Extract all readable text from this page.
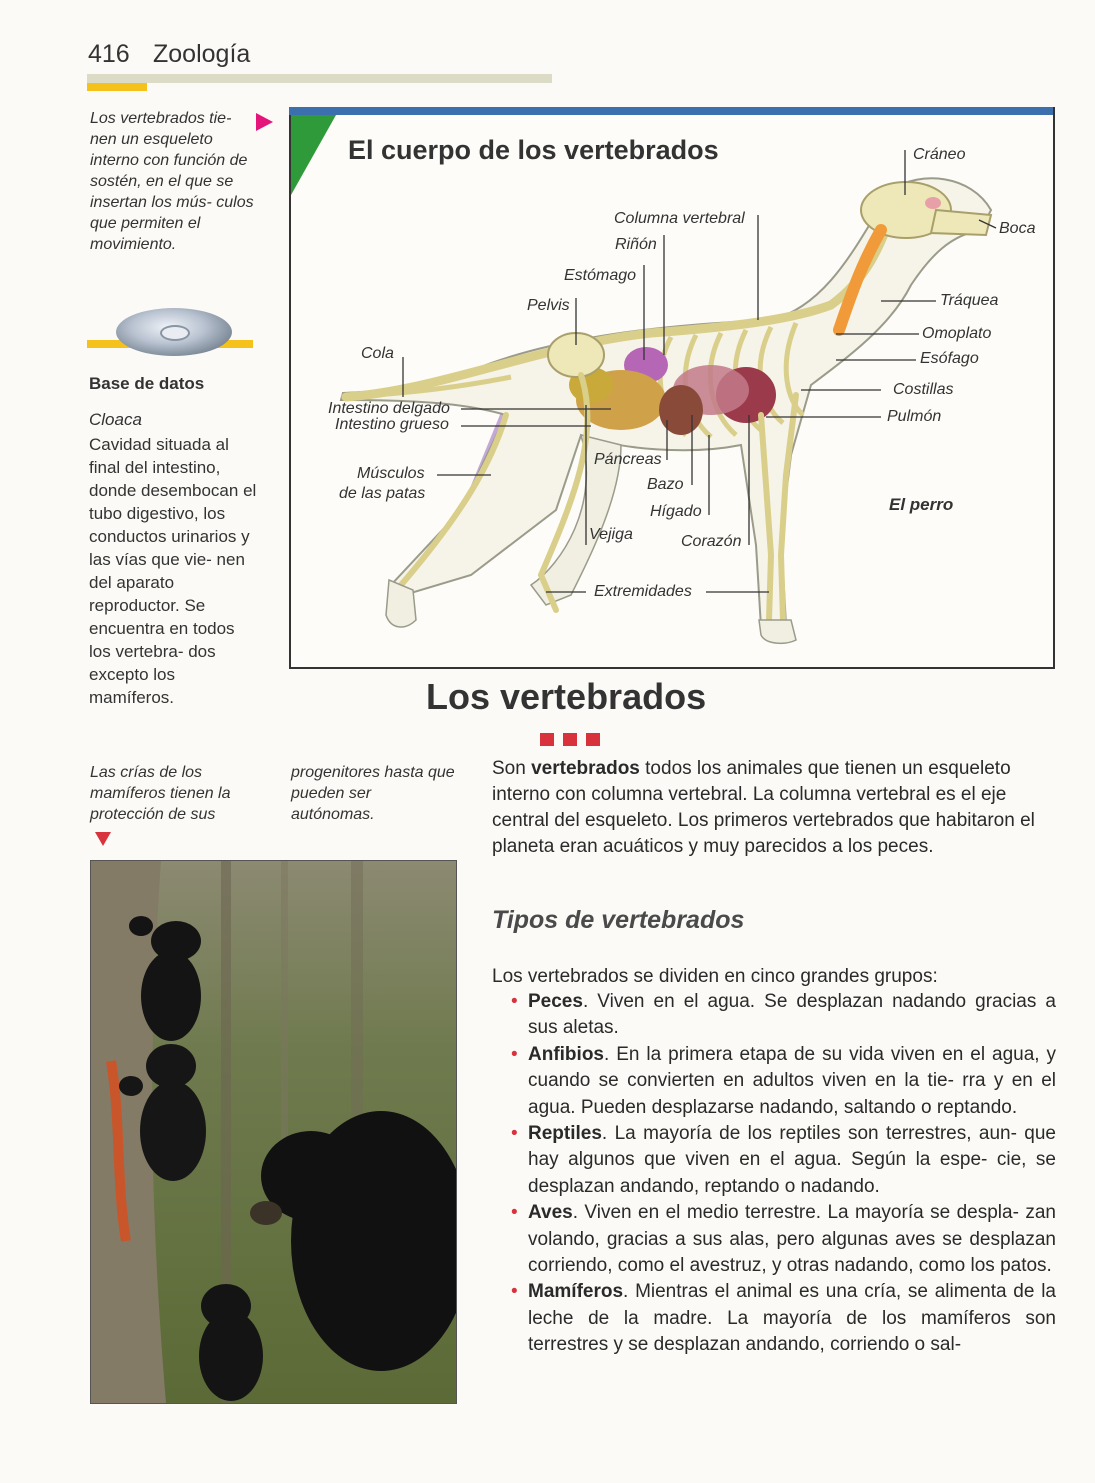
416 Zoología
Los vertebrados tie- nen un esqueleto interno con función de sostén, en el que se insertan los mús- culos que permiten el movimiento.
Base de datos
Cloaca
Cavidad situada al final del intestino, donde desembocan el tubo digestivo, los conductos urinarios y las vías que vie- nen del aparato reproductor. Se encuentra en todos los vertebra- dos excepto los mamíferos.
El cuerpo de los vertebrados	Cráneo
Boca
Columna vertebral
Riñón
Estómago
Pelvis	Tráquea
Omoplato
Esófago
Cola
Costillas
Pulmón
Intestino delgado
Intestino grueso
Páncreas
Músculos
de las patas
Bazo
Hígado
Vejiga	Corazón
Extremidades
El perro
Los vertebrados
Las crías de los mamíferos tienen la protección de sus
progenitores hasta que pueden ser autónomas.
Son vertebrados todos los animales que tienen un esqueleto interno con columna vertebral. La columna vertebral es el eje central del esqueleto. Los primeros vertebrados que habitaron el planeta eran acuáticos y muy parecidos a los peces.
Tipos de vertebrados
Los vertebrados se dividen en cinco grandes grupos:
• Peces. Viven en el agua. Se desplazan nadando gracias a sus aletas.
• Anfibios. En la primera etapa de su vida viven en el agua, y cuando se convierten en adultos viven en la tie- rra y en el agua. Pueden desplazarse nadando, saltando o reptando.
• Reptiles. La mayoría de los reptiles son terrestres, aun- que hay algunos que viven en el agua. Según la espe- cie, se desplazan andando, reptando o nadando.
• Aves. Viven en el medio terrestre. La mayoría se despla- zan volando, gracias a sus alas, pero algunas aves se desplazan corriendo, como el avestruz, y otras nadando, como los patos.
• Mamíferos. Mientras el animal es una cría, se alimenta de la leche de la madre. La mayoría de los mamíferos son terrestres y se desplazan andando, corriendo o sal-
